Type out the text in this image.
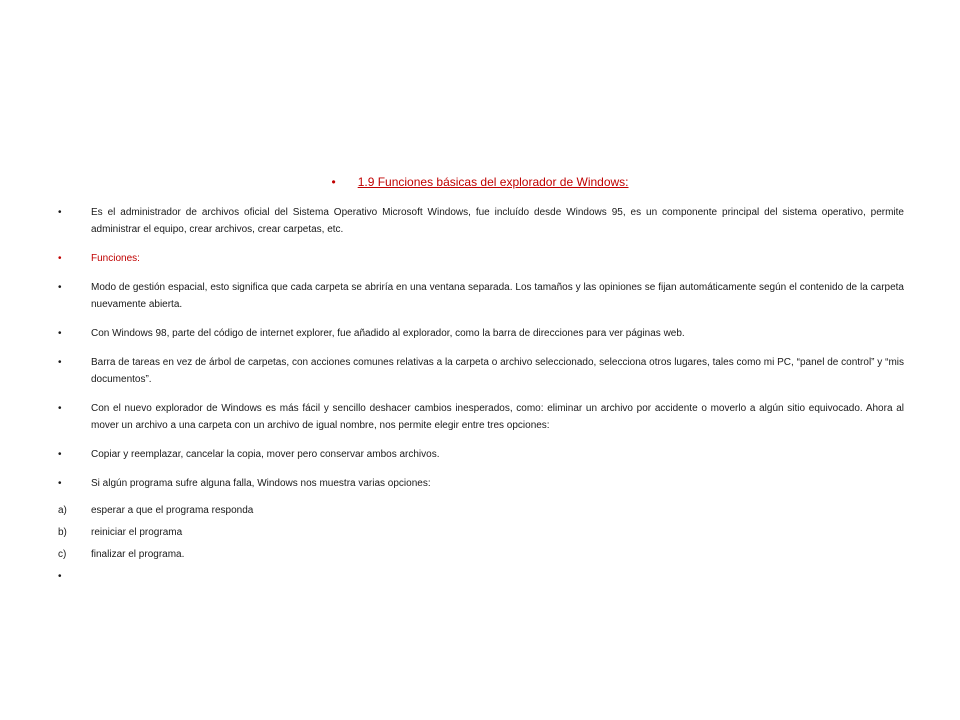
• 1.9 Funciones básicas del explorador de Windows:
•	Es el administrador de archivos oficial del Sistema Operativo Microsoft Windows, fue incluído desde Windows 95, es un componente principal del sistema operativo, permite administrar el equipo, crear archivos, crear carpetas, etc.
•	Funciones:
•	Modo de gestión espacial, esto significa que cada carpeta se abriría en una ventana separada. Los tamaños y las opiniones se fijan automáticamente según el contenido de la carpeta nuevamente abierta.
•	Con Windows 98, parte del código de internet explorer, fue añadido al explorador, como la barra de direcciones para ver páginas web.
•	Barra de tareas en vez de árbol de carpetas, con acciones comunes relativas a la carpeta o archivo seleccionado, selecciona otros lugares, tales como mi PC, “panel de control” y “mis documentos”.
•	Con el nuevo explorador de Windows es más fácil y sencillo deshacer cambios inesperados, como: eliminar un archivo por accidente o moverlo a algún sitio equivocado. Ahora al mover un archivo a una carpeta con un archivo de igual nombre, nos permite elegir entre tres opciones:
•	Copiar y reemplazar, cancelar la copia, mover pero conservar ambos archivos.
•	Si algún programa sufre alguna falla, Windows nos muestra varias opciones:
a)	esperar a que el programa responda
b)	reiniciar el programa
c)	finalizar el programa.
•
